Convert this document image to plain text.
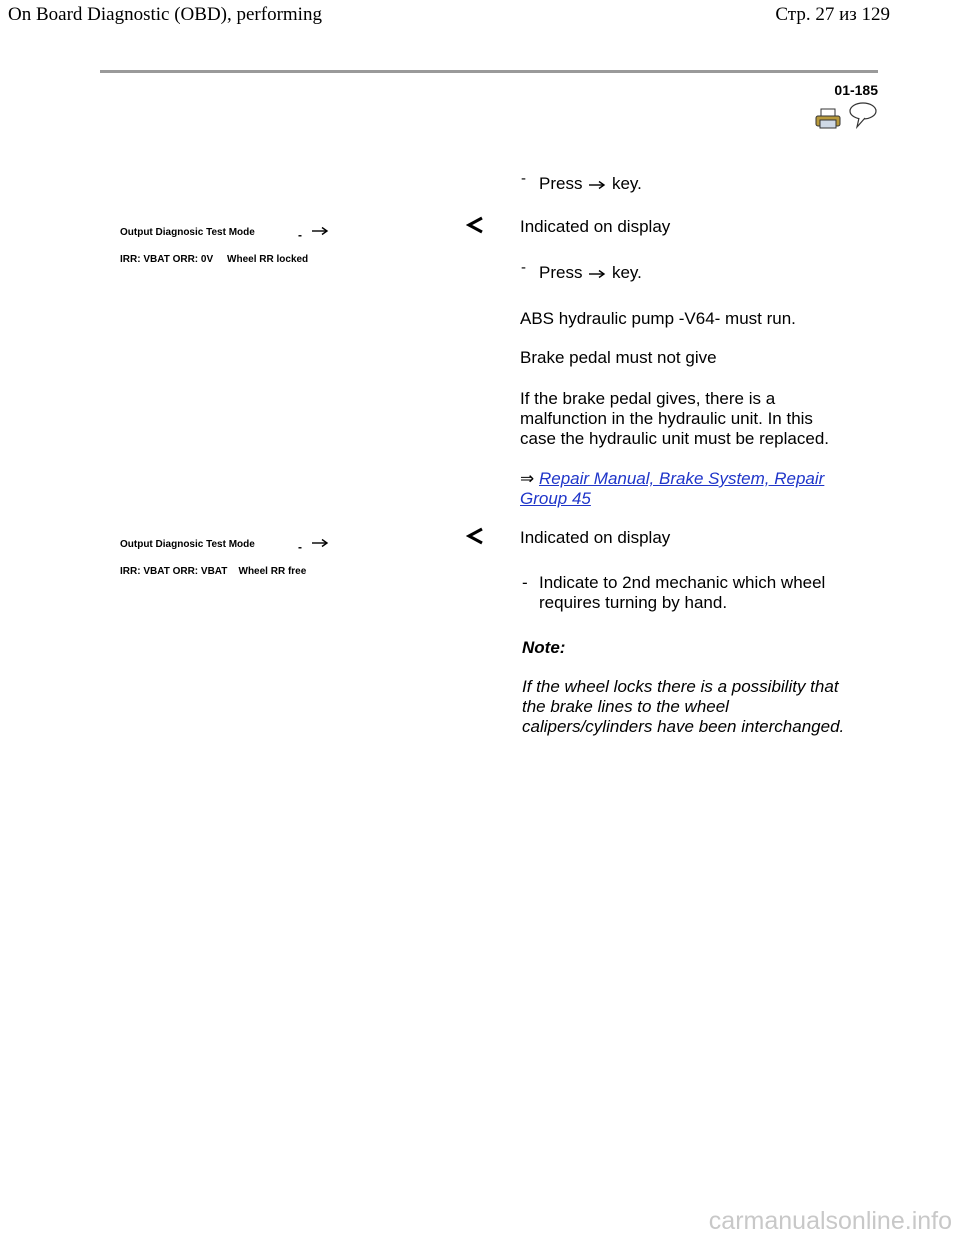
On Board Diagnostic (OBD), performing	Стр. 27 из 129
01-185
- Press key.
Output Diagnosic Test Mode	-
IRR: VBAT ORR: 0V     Wheel RR locked
Indicated on display
- Press key.
ABS hydraulic pump -V64- must run.
Brake pedal must not give
If the brake pedal gives, there is a
malfunction in the hydraulic unit. In this
case the hydraulic unit must be replaced.
⇒ Repair Manual, Brake System, Repair
Group 45
Output Diagnosic Test Mode	-
IRR: VBAT ORR: VBAT    Wheel RR free
Indicated on display
- Indicate to 2nd mechanic which wheel
requires turning by hand.
Note:
If the wheel locks there is a possibility that
the brake lines to the wheel
calipers/cylinders have been interchanged.
carmanualsonline.info
